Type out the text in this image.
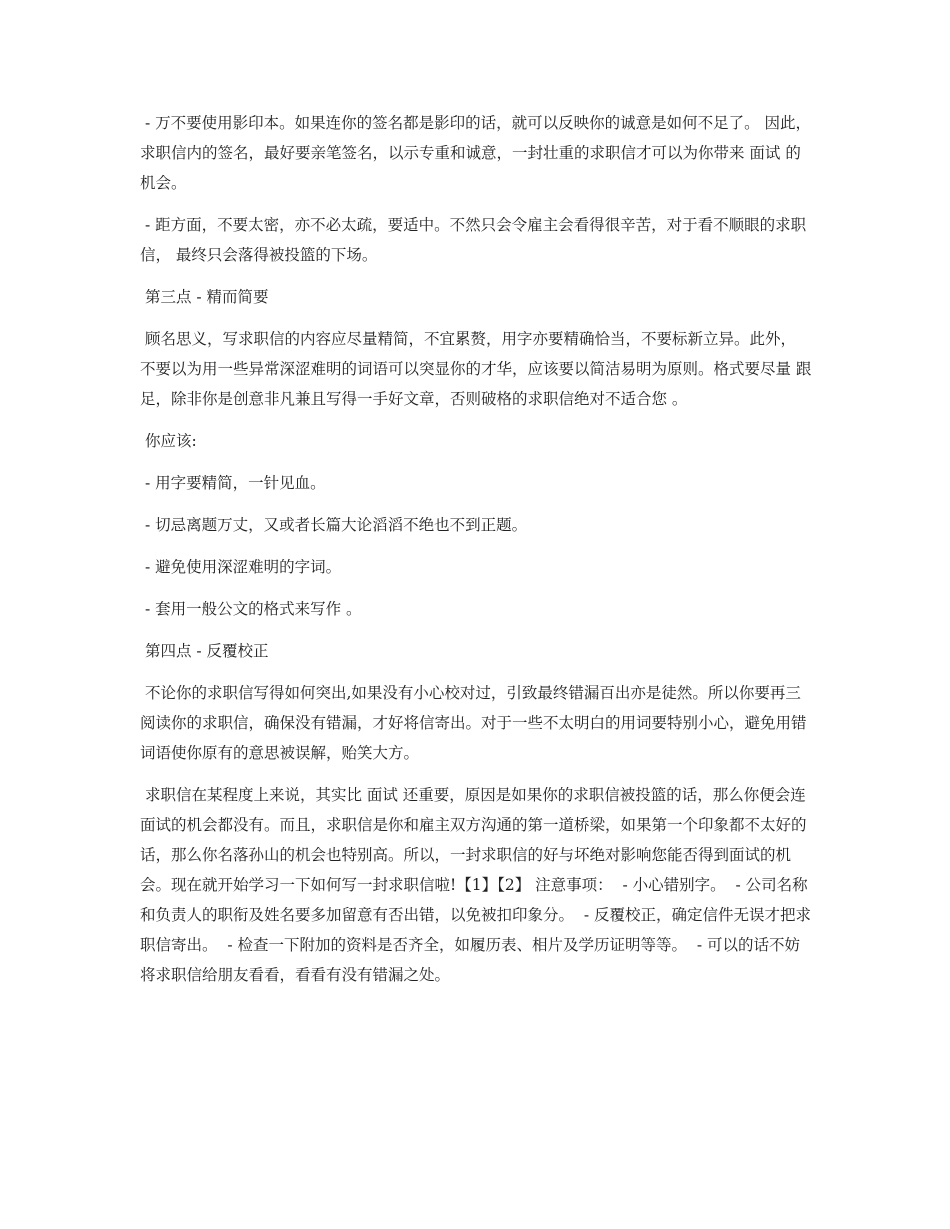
- 万不要使用影印本。如果连你的签名都是影印的话，就可以反映你的诚意是如何不足了。 因此，求职信内的签名，最好要亲笔签名，以示专重和诚意，一封壮重的求职信才可以为你带来 面试 的机会。

- 距方面，不要太密，亦不必太疏，要适中。不然只会令雇主会看得很辛苦，对于看不顺眼的求职信， 最终只会落得被投篮的下场。

第三点 - 精而简要

顾名思义，写求职信的内容应尽量精简，不宜累赘，用字亦要精确恰当，不要标新立异。此外， 不要以为用一些异常深涩难明的词语可以突显你的才华，应该要以简洁易明为原则。格式要尽量 跟足，除非你是创意非凡兼且写得一手好文章，否则破格的求职信绝对不适合您 。

你应该:

- 用字要精简，一针见血。

- 切忌离题万丈，又或者长篇大论滔滔不绝也不到正题。

- 避免使用深涩难明的字词。

- 套用一般公文的格式来写作 。

第四点 - 反覆校正

不论你的求职信写得如何突出,如果没有小心校对过，引致最终错漏百出亦是徒然。所以你要再三阅读你的求职信，确保没有错漏，才好将信寄出。对于一些不太明白的用词要特别小心，避免用错词语使你原有的意思被误解，贻笑大方。

求职信在某程度上来说，其实比 面试 还重要，原因是如果你的求职信被投篮的话，那么你便会连面试的机会都没有。而且，求职信是你和雇主双方沟通的第一道桥梁，如果第一个印象都不太好的话，那么你名落孙山的机会也特别高。所以，一封求职信的好与坏绝对影响您能否得到面试的机会。现在就开始学习一下如何写一封求职信啦!【1】【2】 注意事项：  - 小心错别字。  - 公司名称和负责人的职衔及姓名要多加留意有否出错，以免被扣印象分。  - 反覆校正，确定信件无误才把求职信寄出。  - 检查一下附加的资料是否齐全，如履历表、相片及学历证明等等。  - 可以的话不妨将求职信给朋友看看，看看有没有错漏之处。
